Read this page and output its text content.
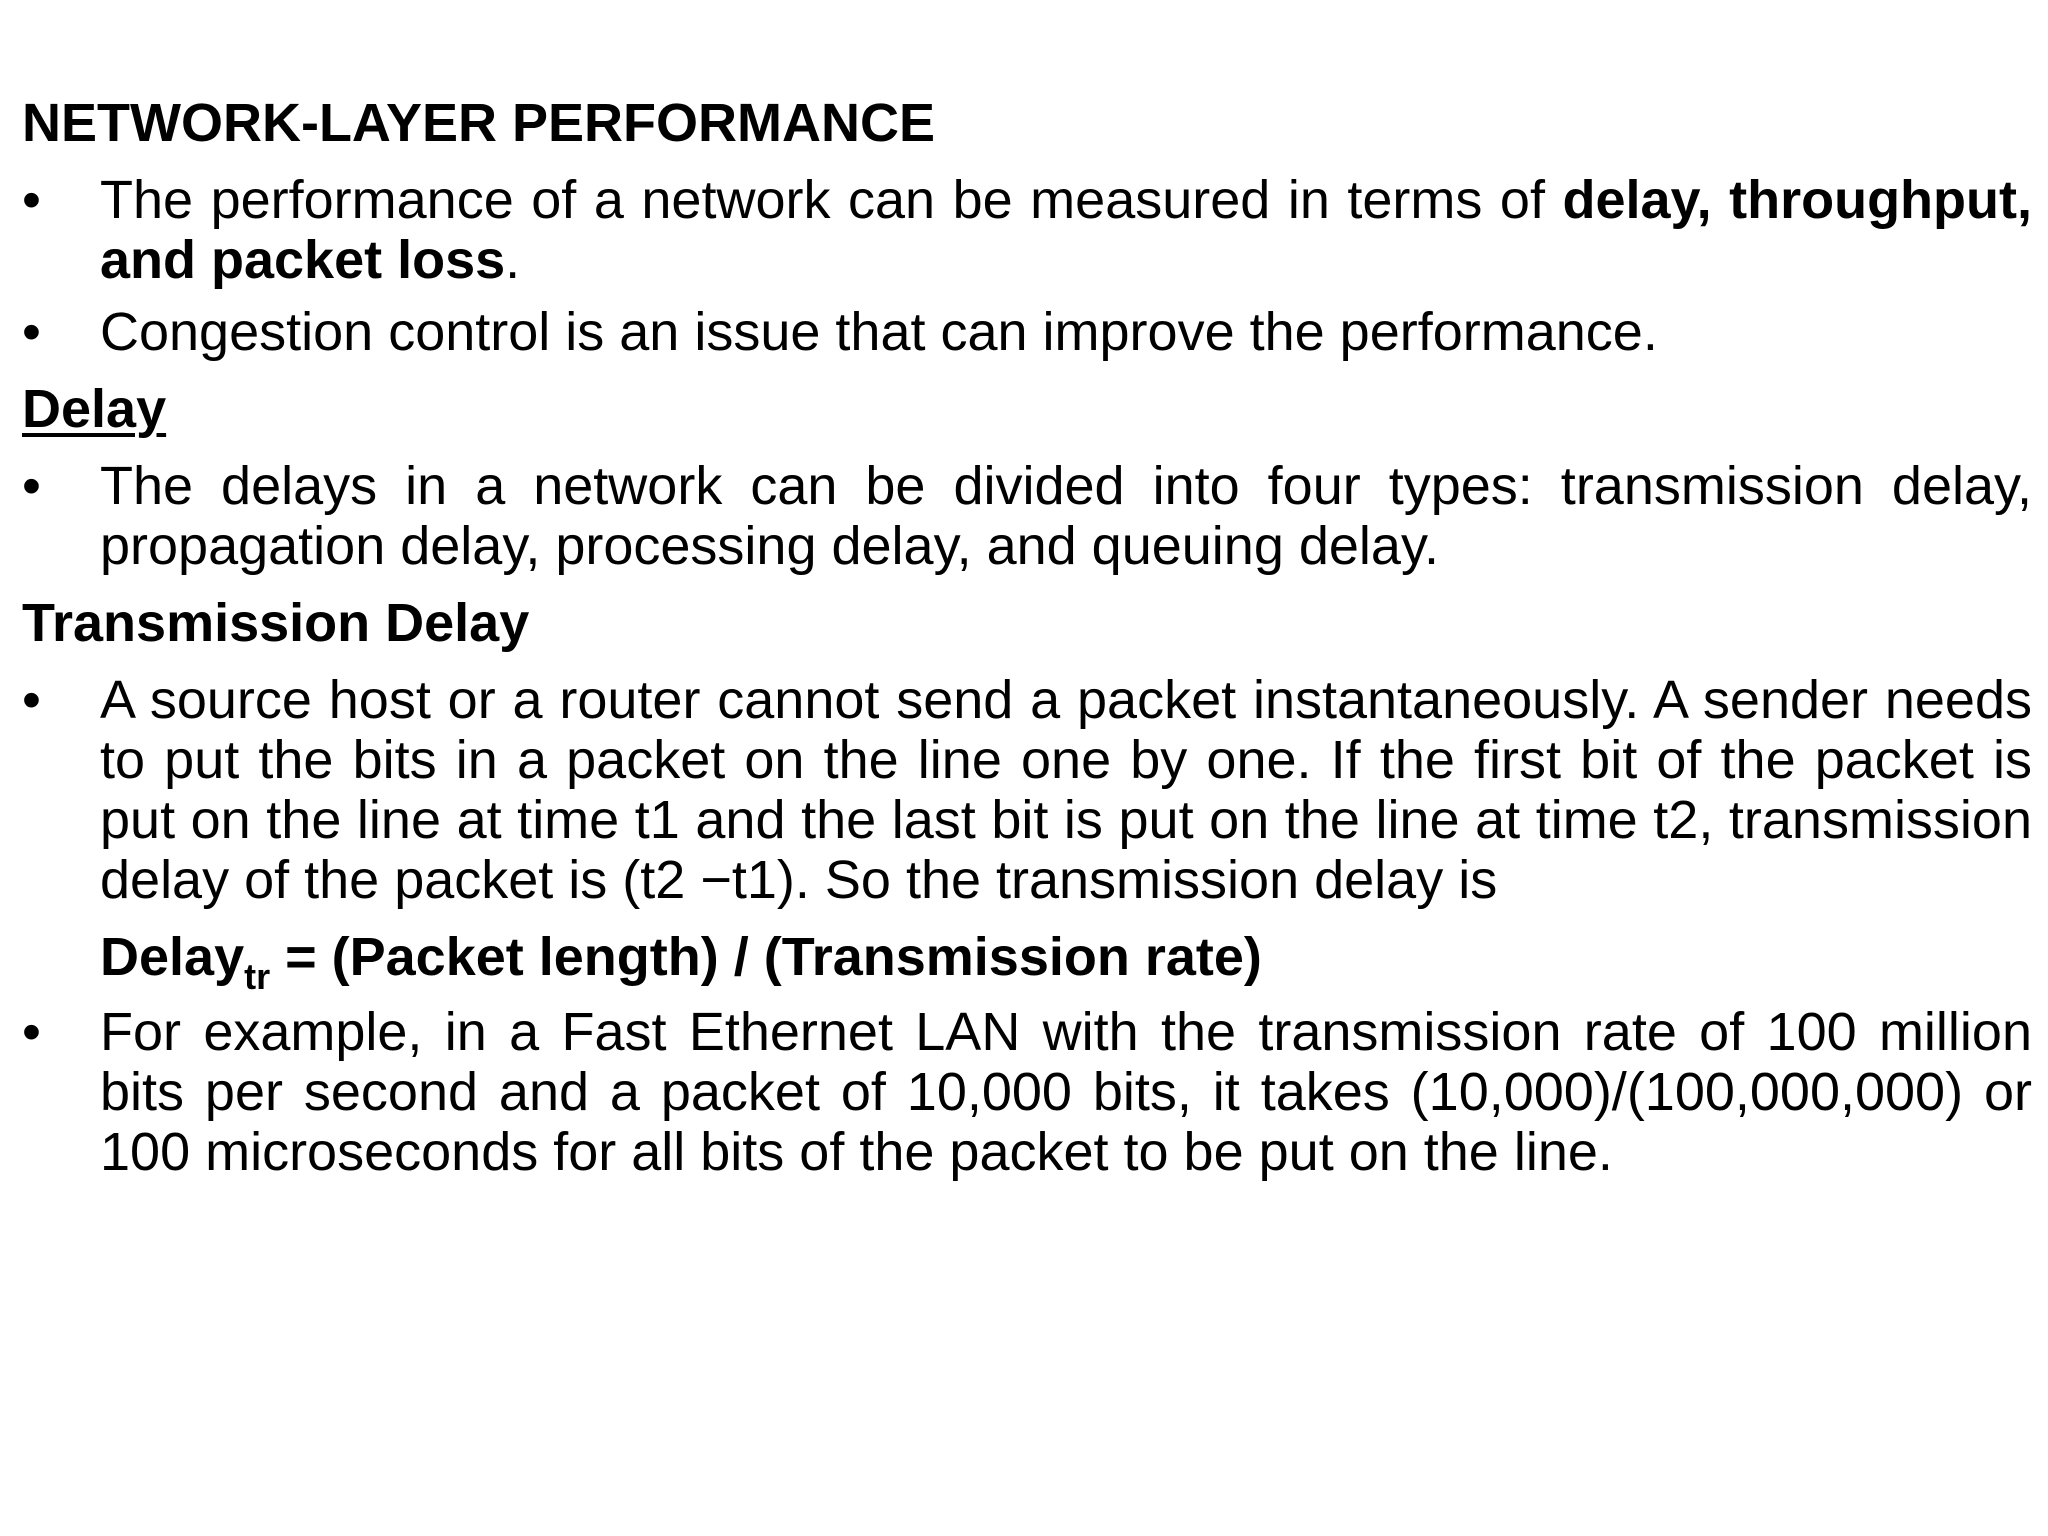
NETWORK-LAYER PERFORMANCE
•	The performance of a network can be measured in terms of delay, throughput, and packet loss.
•	Congestion control is an issue that can improve the performance.
Delay
•	The delays in a network can be divided into four types: transmission delay, propagation delay, processing delay, and queuing delay.
Transmission Delay
•	A source host or a router cannot send a packet instantaneously. A sender needs to put the bits in a packet on the line one by one. If the first bit of the packet is put on the line at time t1 and the last bit is put on the line at time t2, transmission delay of the packet is (t2 −t1). So the transmission delay is
Delay$_{tr}$ = (Packet length) / (Transmission rate)
•	For example, in a Fast Ethernet LAN with the transmission rate of 100 million bits per second and a packet of 10,000 bits, it takes (10,000)/(100,000,000) or 100 microseconds for all bits of the packet to be put on the line.
